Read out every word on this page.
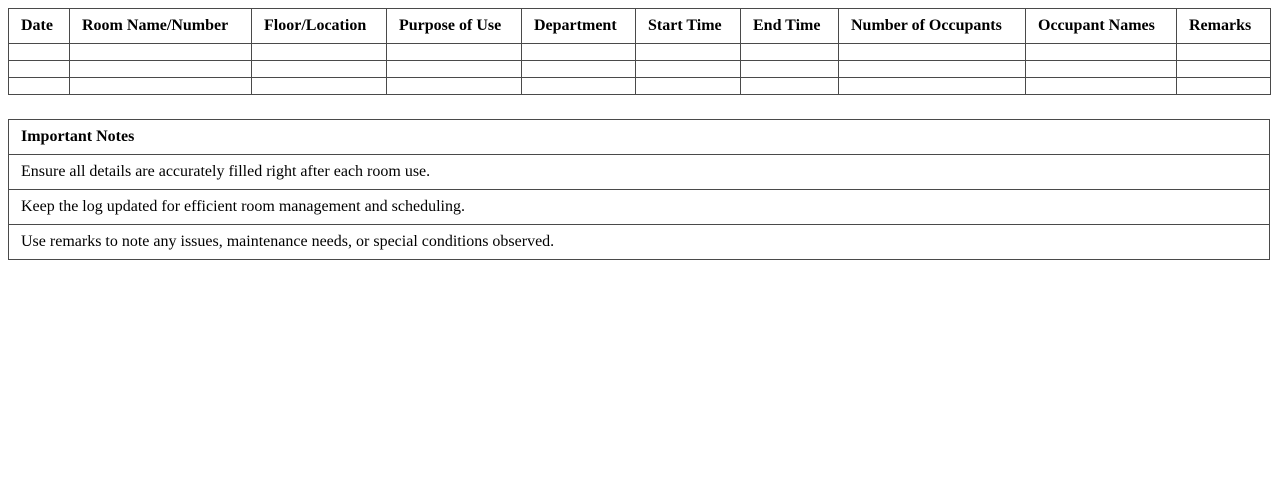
Date	Room Name/Number	Floor/Location	Purpose of Use	Department	Start Time	End Time	Number of Occupants	Occupant Names	Remarks

Important Notes
Ensure all details are accurately filled right after each room use.
Keep the log updated for efficient room management and scheduling.
Use remarks to note any issues, maintenance needs, or special conditions observed.
